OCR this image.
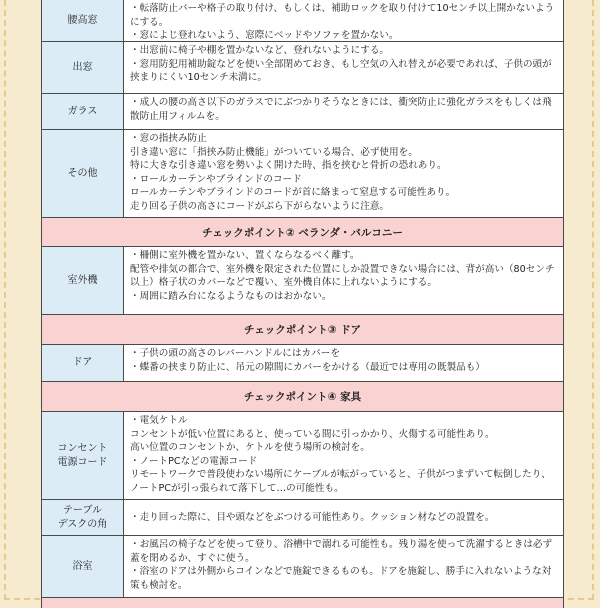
腰高窓

・転落防止バーや格子の取り付け、もしくは、補助ロックを取り付けて10センチ以上開かないようにする。

・窓によじ登れないよう、窓際にベッドやソファを置かない。

出窓

・出窓前に椅子や棚を置かないなど、登れないようにする。

・窓用防犯用補助錠などを使い全部閉めておき、もし空気の入れ替えが必要であれば、子供の頭が挟まりにくい10センチ未満に。

ガラス

・成人の腰の高さ以下のガラスでにぶつかりそうなときには、衝突防止に強化ガラスをもしくは飛散防止用フィルムを。

その他

・窓の指挟み防止

引き違い窓に「指挟み防止機能」がついている場合、必ず使用を。

特に大きな引き違い窓を勢いよく開けた時、指を挟むと骨折の恐れあり。

・ロールカーテンやブラインドのコード

ロールカーテンやブラインドのコードが首に絡まって窒息する可能性あり。

走り回る子供の高さにコードがぶら下がらないように注意。

チェックポイント② ベランダ・バルコニー
室外機

・柵側に室外機を置かない、置くならなるべく離す。

配管や排気の都合で、室外機を限定された位置にしか設置できない場合には、背が高い（80センチ以上）格子状のカバーなどで覆い、室外機自体に上れないようにする。

・周囲に踏み台になるようなものはおかない。

チェックポイント③ ドア
ドア

・子供の頭の高さのレバーハンドルにはカバーを

・蝶番の挟まり防止に、吊元の隙間にカバーをかける（最近では専用の既製品も）

チェックポイント④ 家具
コンセント
電源コード

・電気ケトル

コンセントが低い位置にあると、使っている間に引っかかり、火傷する可能性あり。

高い位置のコンセントか、ケトルを使う場所の検討を。

・ノートPCなどの電源コード

リモートワークで普段使わない場所にケーブルが転がっていると、子供がつまずいて転倒したり、ノートPCが引っ張られて落下して…の可能性も。

テーブル
デスクの角

・走り回った際に、目や頭などをぶつける可能性あり。クッション材などの設置を。

浴室

・お風呂の椅子などを使って登り、浴槽中で溺れる可能性も。残り湯を使って洗濯するときは必ず蓋を閉めるか、すぐに使う。

・浴室のドアは外側からコインなどで施錠できるものも。ドアを施錠し、勝手に入れないような対策も検討を。
